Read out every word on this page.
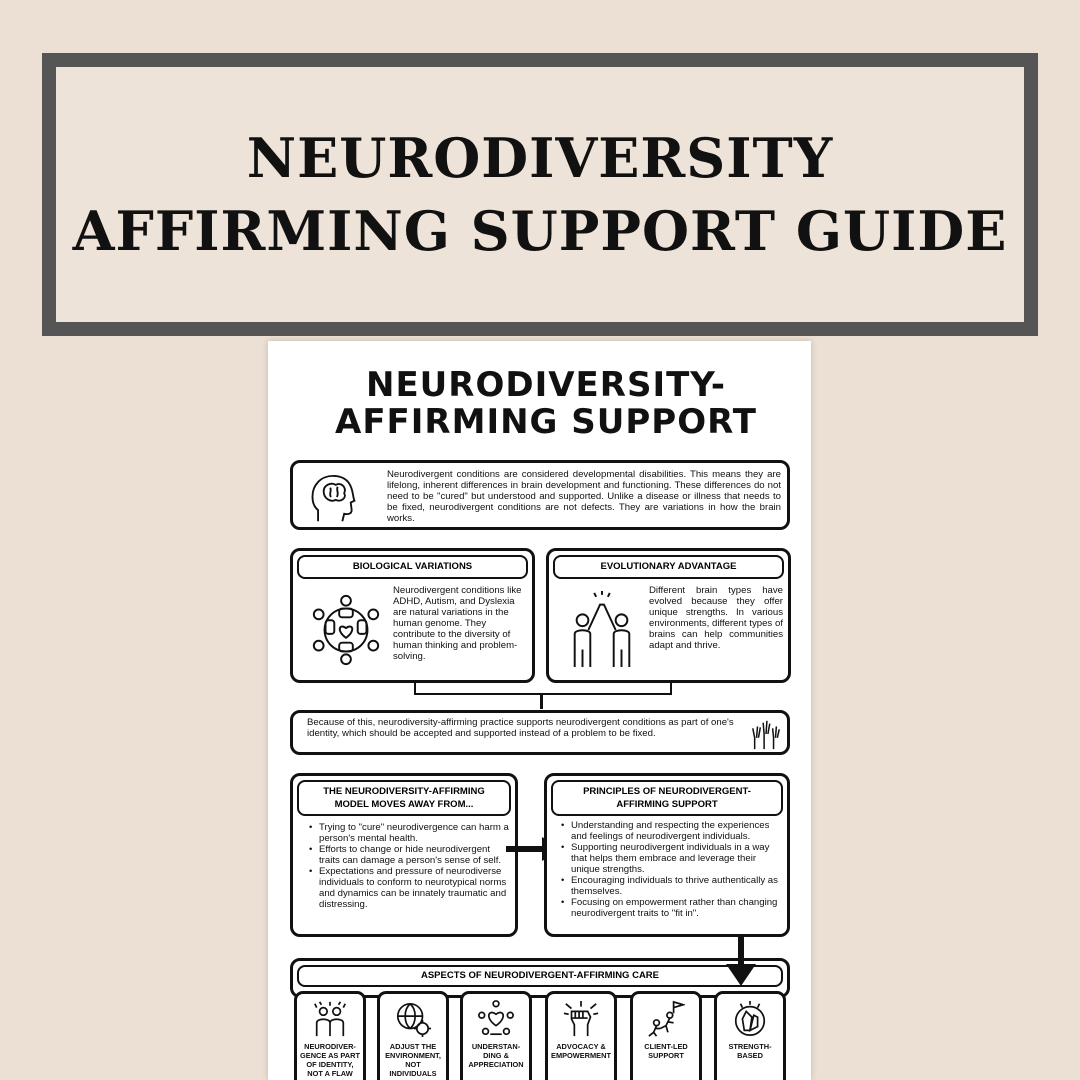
NEURODIVERSITY
AFFIRMING SUPPORT GUIDE
NEURODIVERSITY-
AFFIRMING SUPPORT
Neurodivergent conditions are considered developmental disabilities. This means they are lifelong, inherent differences in brain development and functioning. These differences do not need to be "cured" but understood and supported. Unlike a disease or illness that needs to be fixed, neurodivergent conditions are not defects. They are variations in how the brain works.
BIOLOGICAL VARIATIONS
Neurodivergent conditions like ADHD, Autism, and Dyslexia are natural variations in the human genome. They contribute to the diversity of human thinking and problem-solving.
EVOLUTIONARY ADVANTAGE
Different brain types have evolved because they offer unique strengths. In various environments, different types of brains can help communities adapt and thrive.
Because of this, neurodiversity-affirming practice supports neurodivergent conditions as part of one's identity, which should be accepted and supported instead of a problem to be fixed.
THE NEURODIVERSITY-AFFIRMING
MODEL MOVES AWAY FROM...
• Trying to "cure" neurodivergence can harm a person's mental health.
• Efforts to change or hide neurodivergent traits can damage a person's sense of self.
• Expectations and pressure of neurodiverse individuals to conform to neurotypical norms and dynamics can be innately traumatic and distressing.
PRINCIPLES OF NEURODIVERGENT-
AFFIRMING SUPPORT
• Understanding and respecting the experiences and feelings of neurodivergent individuals.
• Supporting neurodivergent individuals in a way that helps them embrace and leverage their unique strengths.
• Encouraging individuals to thrive authentically as themselves.
• Focusing on empowerment rather than changing neurodivergent traits to "fit in".
ASPECTS OF NEURODIVERGENT-AFFIRMING CARE
NEURODIVER-GENCE AS PART OF IDENTITY, NOT A FLAW
ADJUST THE ENVIRONMENT, NOT INDIVIDUALS
UNDERSTAN-DING & APPRECIATION
ADVOCACY & EMPOWERMENT
CLIENT-LED SUPPORT
STRENGTH-BASED
